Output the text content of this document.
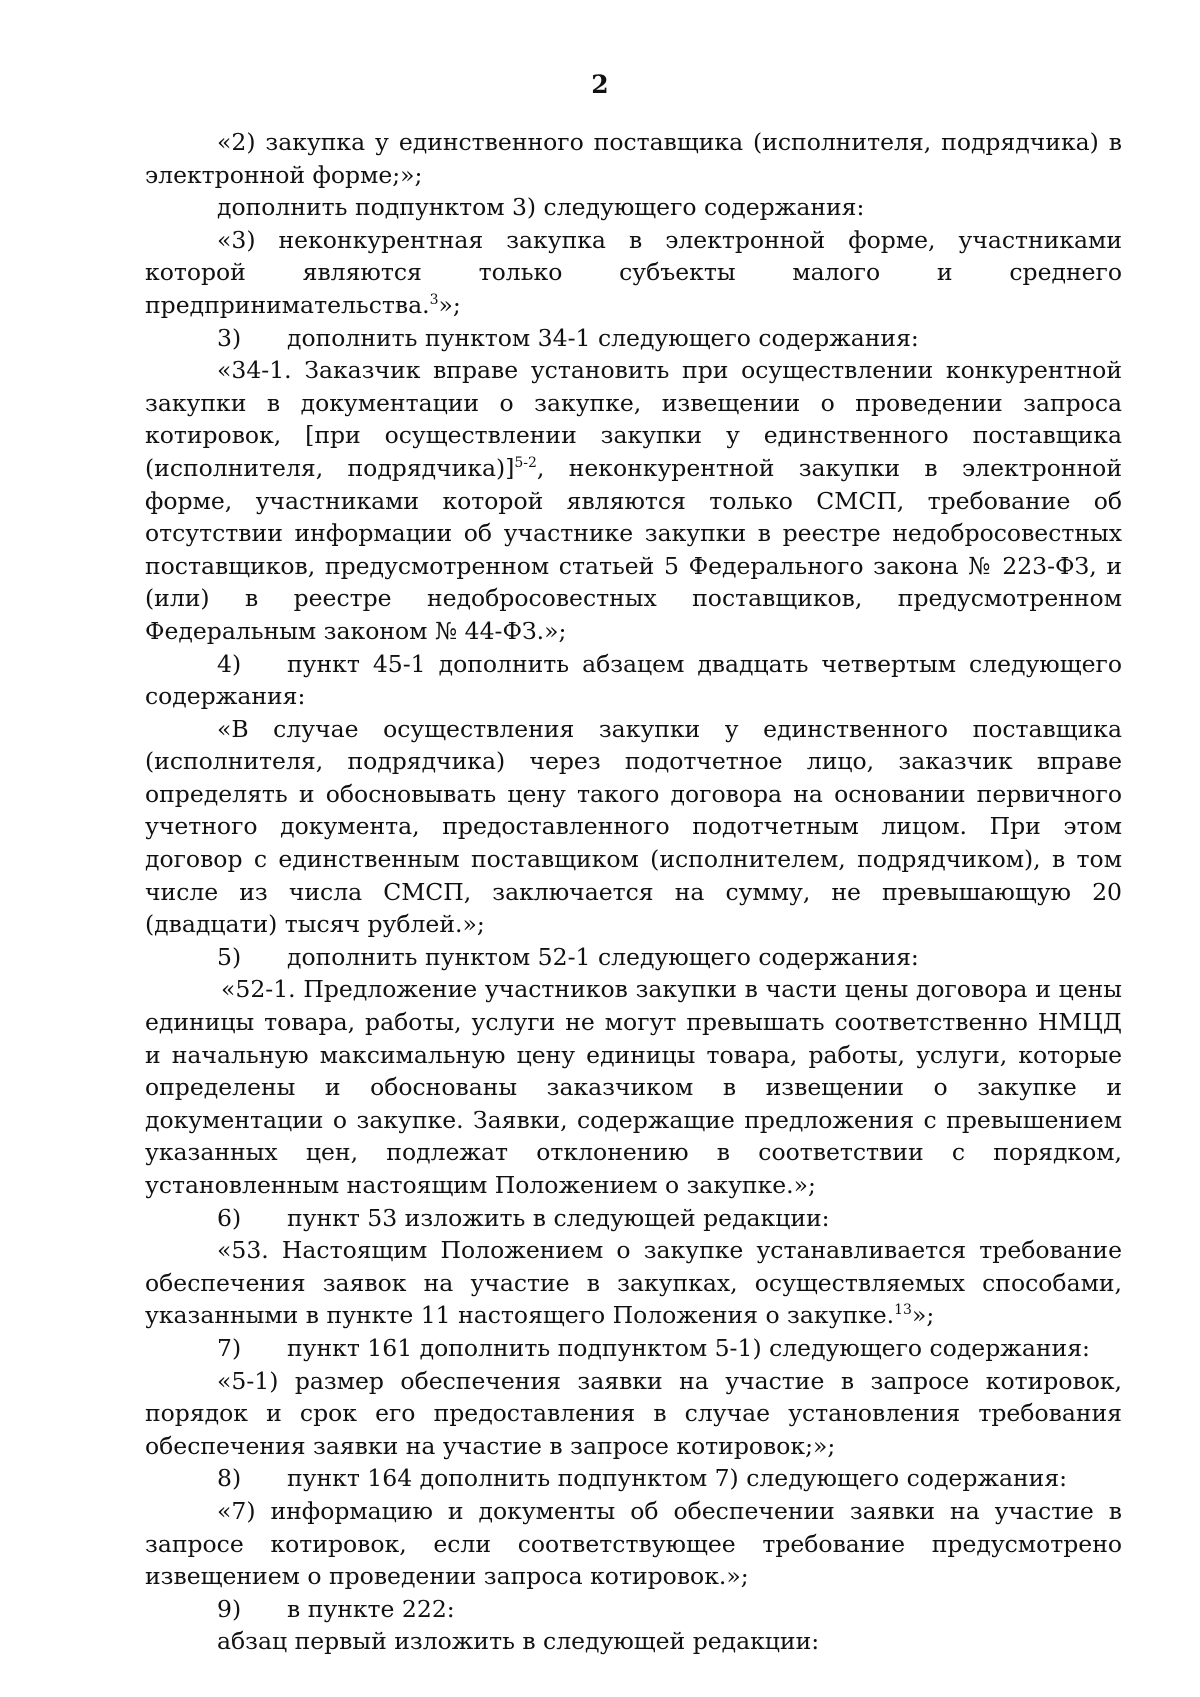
2

«2) закупка у единственного поставщика (исполнителя, подрядчика) в электронной форме;»;

дополнить подпунктом 3) следующего содержания:

«3) неконкурентная закупка в электронной форме, участниками которой являются только субъекты малого и среднего предпринимательства.$^3$»;

3)	дополнить пунктом 34-1 следующего содержания:

«34-1. Заказчик вправе установить при осуществлении конкурентной закупки в документации о закупке, извещении о проведении запроса котировок, [при осуществлении закупки у единственного поставщика (исполнителя, подрядчика)]$^{5-2}$, неконкурентной закупки в электронной форме, участниками которой являются только СМСП, требование об отсутствии информации об участнике закупки в реестре недобросовестных поставщиков, предусмотренном статьей 5 Федерального закона № 223-ФЗ, и (или) в реестре недобросовестных поставщиков, предусмотренном Федеральным законом № 44-ФЗ.»;

4) пункт 45-1 дополнить абзацем двадцать четвертым следующего содержания:

«В случае осуществления закупки у единственного поставщика (исполнителя, подрядчика) через подотчетное лицо, заказчик вправе определять и обосновывать цену такого договора на основании первичного учетного документа, предоставленного подотчетным лицом. При этом договор с единственным поставщиком (исполнителем, подрядчиком), в том числе из числа СМСП, заключается на сумму, не превышающую 20 (двадцати) тысяч рублей.»;

5)	дополнить пунктом 52-1 следующего содержания:

«52-1. Предложение участников закупки в части цены договора и цены единицы товара, работы, услуги не могут превышать соответственно НМЦД и начальную максимальную цену единицы товара, работы, услуги, которые определены и обоснованы заказчиком в извещении о закупке и документации о закупке. Заявки, содержащие предложения с превышением указанных цен, подлежат отклонению в соответствии с порядком, установленным настоящим Положением о закупке.»;

6)	пункт 53 изложить в следующей редакции:

«53. Настоящим Положением о закупке устанавливается требование обеспечения заявок на участие в закупках, осуществляемых способами, указанными в пункте 11 настоящего Положения о закупке.$^{13}$»;

7)	пункт 161 дополнить подпунктом 5-1) следующего содержания:

«5-1) размер обеспечения заявки на участие в запросе котировок, порядок и срок его предоставления в случае установления требования обеспечения заявки на участие в запросе котировок;»;

8)	пункт 164 дополнить подпунктом 7) следующего содержания:

«7) информацию и документы об обеспечении заявки на участие в запросе котировок, если соответствующее требование предусмотрено извещением о проведении запроса котировок.»;

9)	в пункте 222:

абзац первый изложить в следующей редакции:
